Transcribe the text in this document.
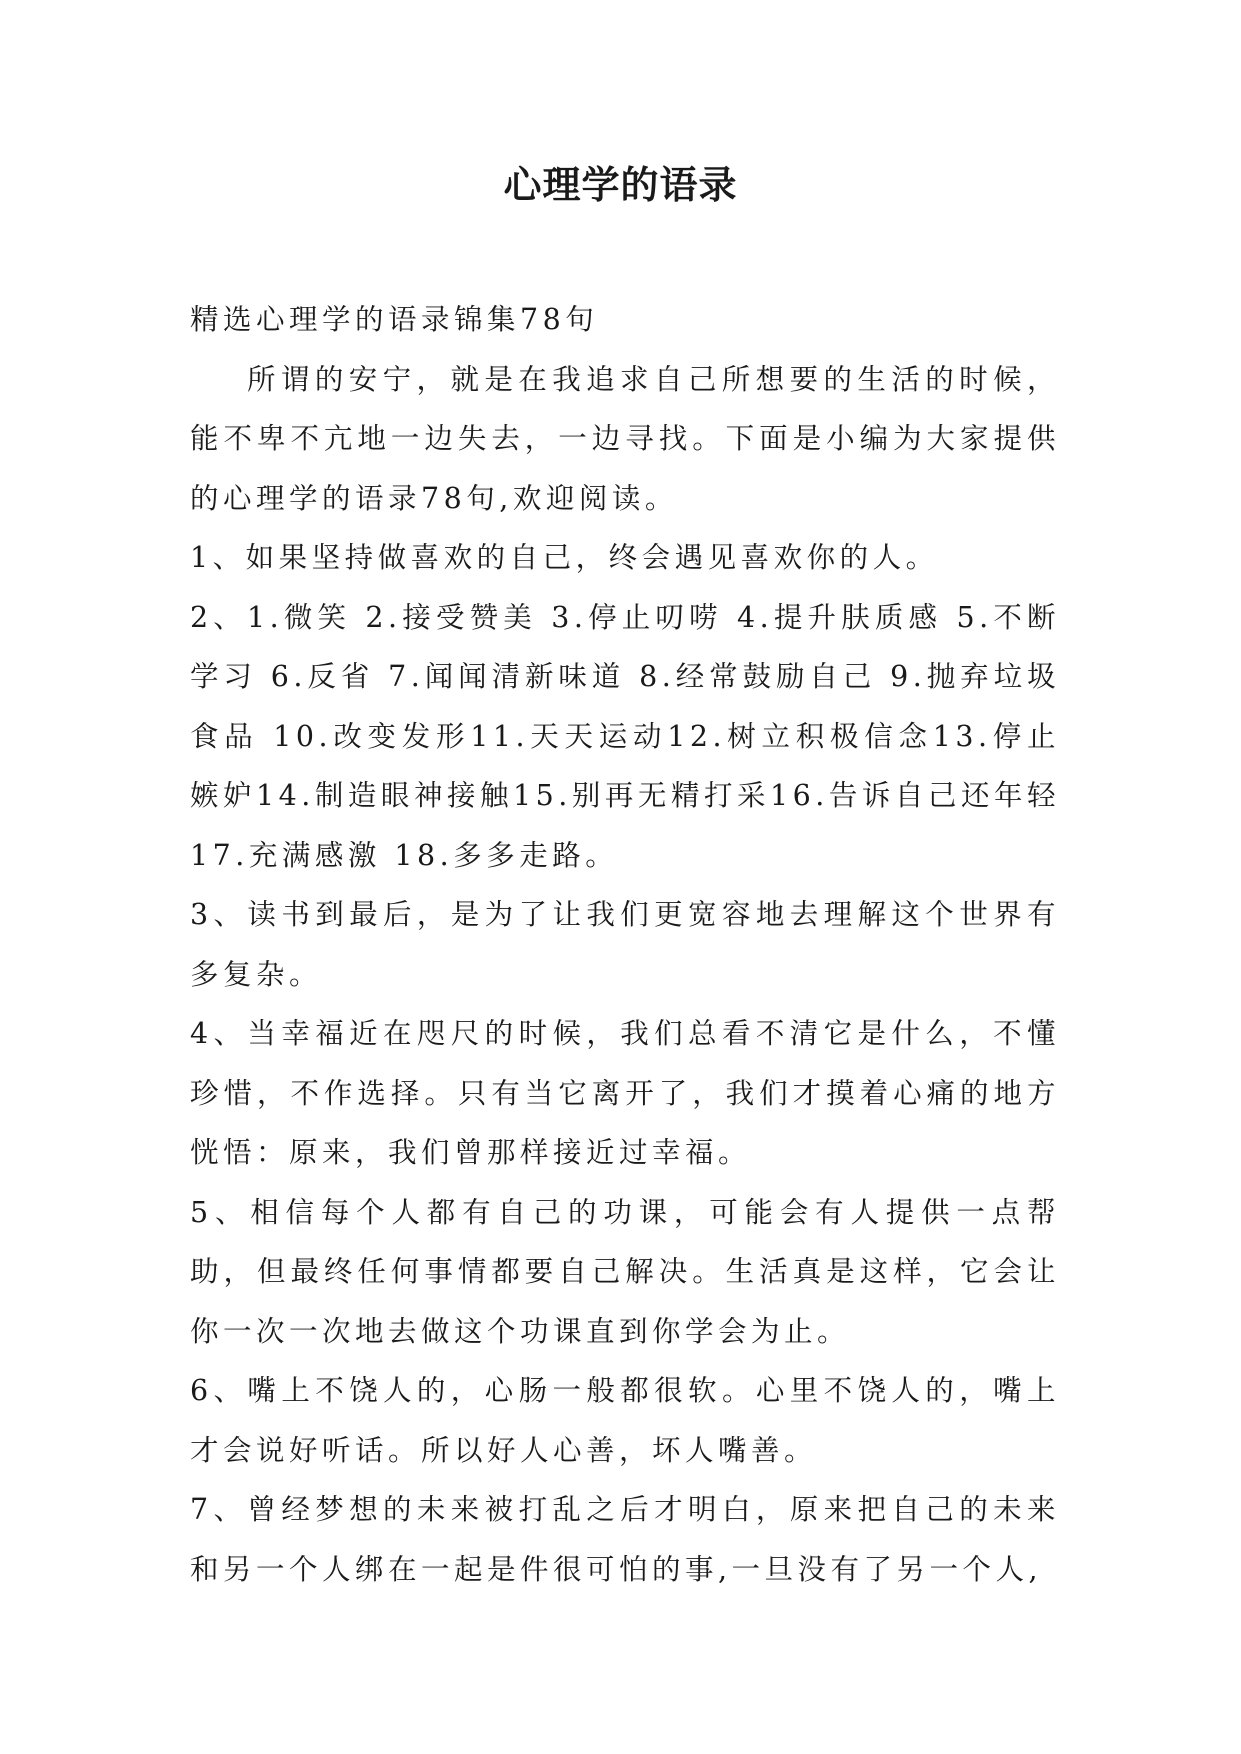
心理学的语录

精选心理学的语录锦集78句

所谓的安宁，就是在我追求自己所想要的生活的时候，能不卑不亢地一边失去，一边寻找。下面是小编为大家提供的心理学的语录78句,欢迎阅读。

1、如果坚持做喜欢的自己，终会遇见喜欢你的人。

2、1.微笑 2.接受赞美 3.停止叨唠 4.提升肤质感 5.不断学习 6.反省 7.闻闻清新味道 8.经常鼓励自己 9.抛弃垃圾食品 10.改变发形11.天天运动12.树立积极信念13.停止嫉妒14.制造眼神接触15.别再无精打采16.告诉自己还年轻17.充满感激 18.多多走路。

3、读书到最后，是为了让我们更宽容地去理解这个世界有多复杂。

4、当幸福近在咫尺的时候，我们总看不清它是什么，不懂珍惜，不作选择。只有当它离开了，我们才摸着心痛的地方恍悟：原来，我们曾那样接近过幸福。

5、相信每个人都有自己的功课，可能会有人提供一点帮助，但最终任何事情都要自己解决。生活真是这样，它会让你一次一次地去做这个功课直到你学会为止。

6、嘴上不饶人的，心肠一般都很软。心里不饶人的，嘴上才会说好听话。所以好人心善，坏人嘴善。

7、曾经梦想的未来被打乱之后才明白，原来把自己的未来和另一个人绑在一起是件很可怕的事,一旦没有了另一个人,
